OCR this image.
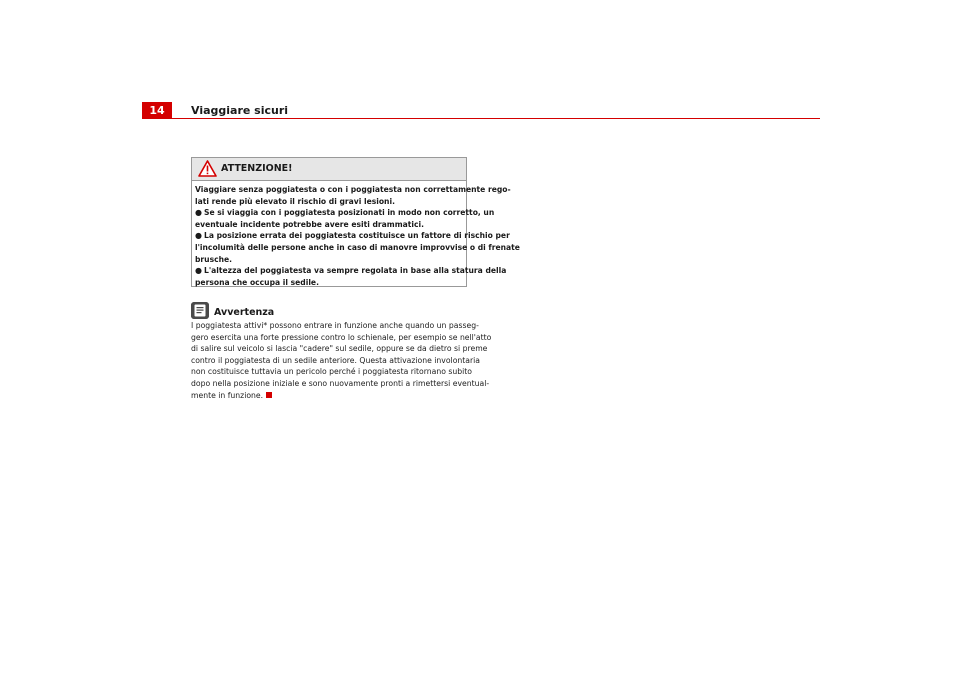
14	Viaggiare sicuri
ATTENZIONE!

Viaggiare senza poggiatesta o con i poggiatesta non correttamente rego-

lati rende più elevato il rischio di gravi lesioni.

● Se si viaggia con i poggiatesta posizionati in modo non corretto, un

eventuale incidente potrebbe avere esiti drammatici.

● La posizione errata dei poggiatesta costituisce un fattore di rischio per

l'incolumità delle persone anche in caso di manovre improvvise o di frenate

brusche.

● L'altezza del poggiatesta va sempre regolata in base alla statura della

persona che occupa il sedile.

Avvertenza

I poggiatesta attivi* possono entrare in funzione anche quando un passeg-

gero esercita una forte pressione contro lo schienale, per esempio se nell'atto

di salire sul veicolo si lascia "cadere" sul sedile, oppure se da dietro si preme

contro il poggiatesta di un sedile anteriore. Questa attivazione involontaria

non costituisce tuttavia un pericolo perché i poggiatesta ritornano subito

dopo nella posizione iniziale e sono nuovamente pronti a rimettersi eventual-

mente in funzione.
